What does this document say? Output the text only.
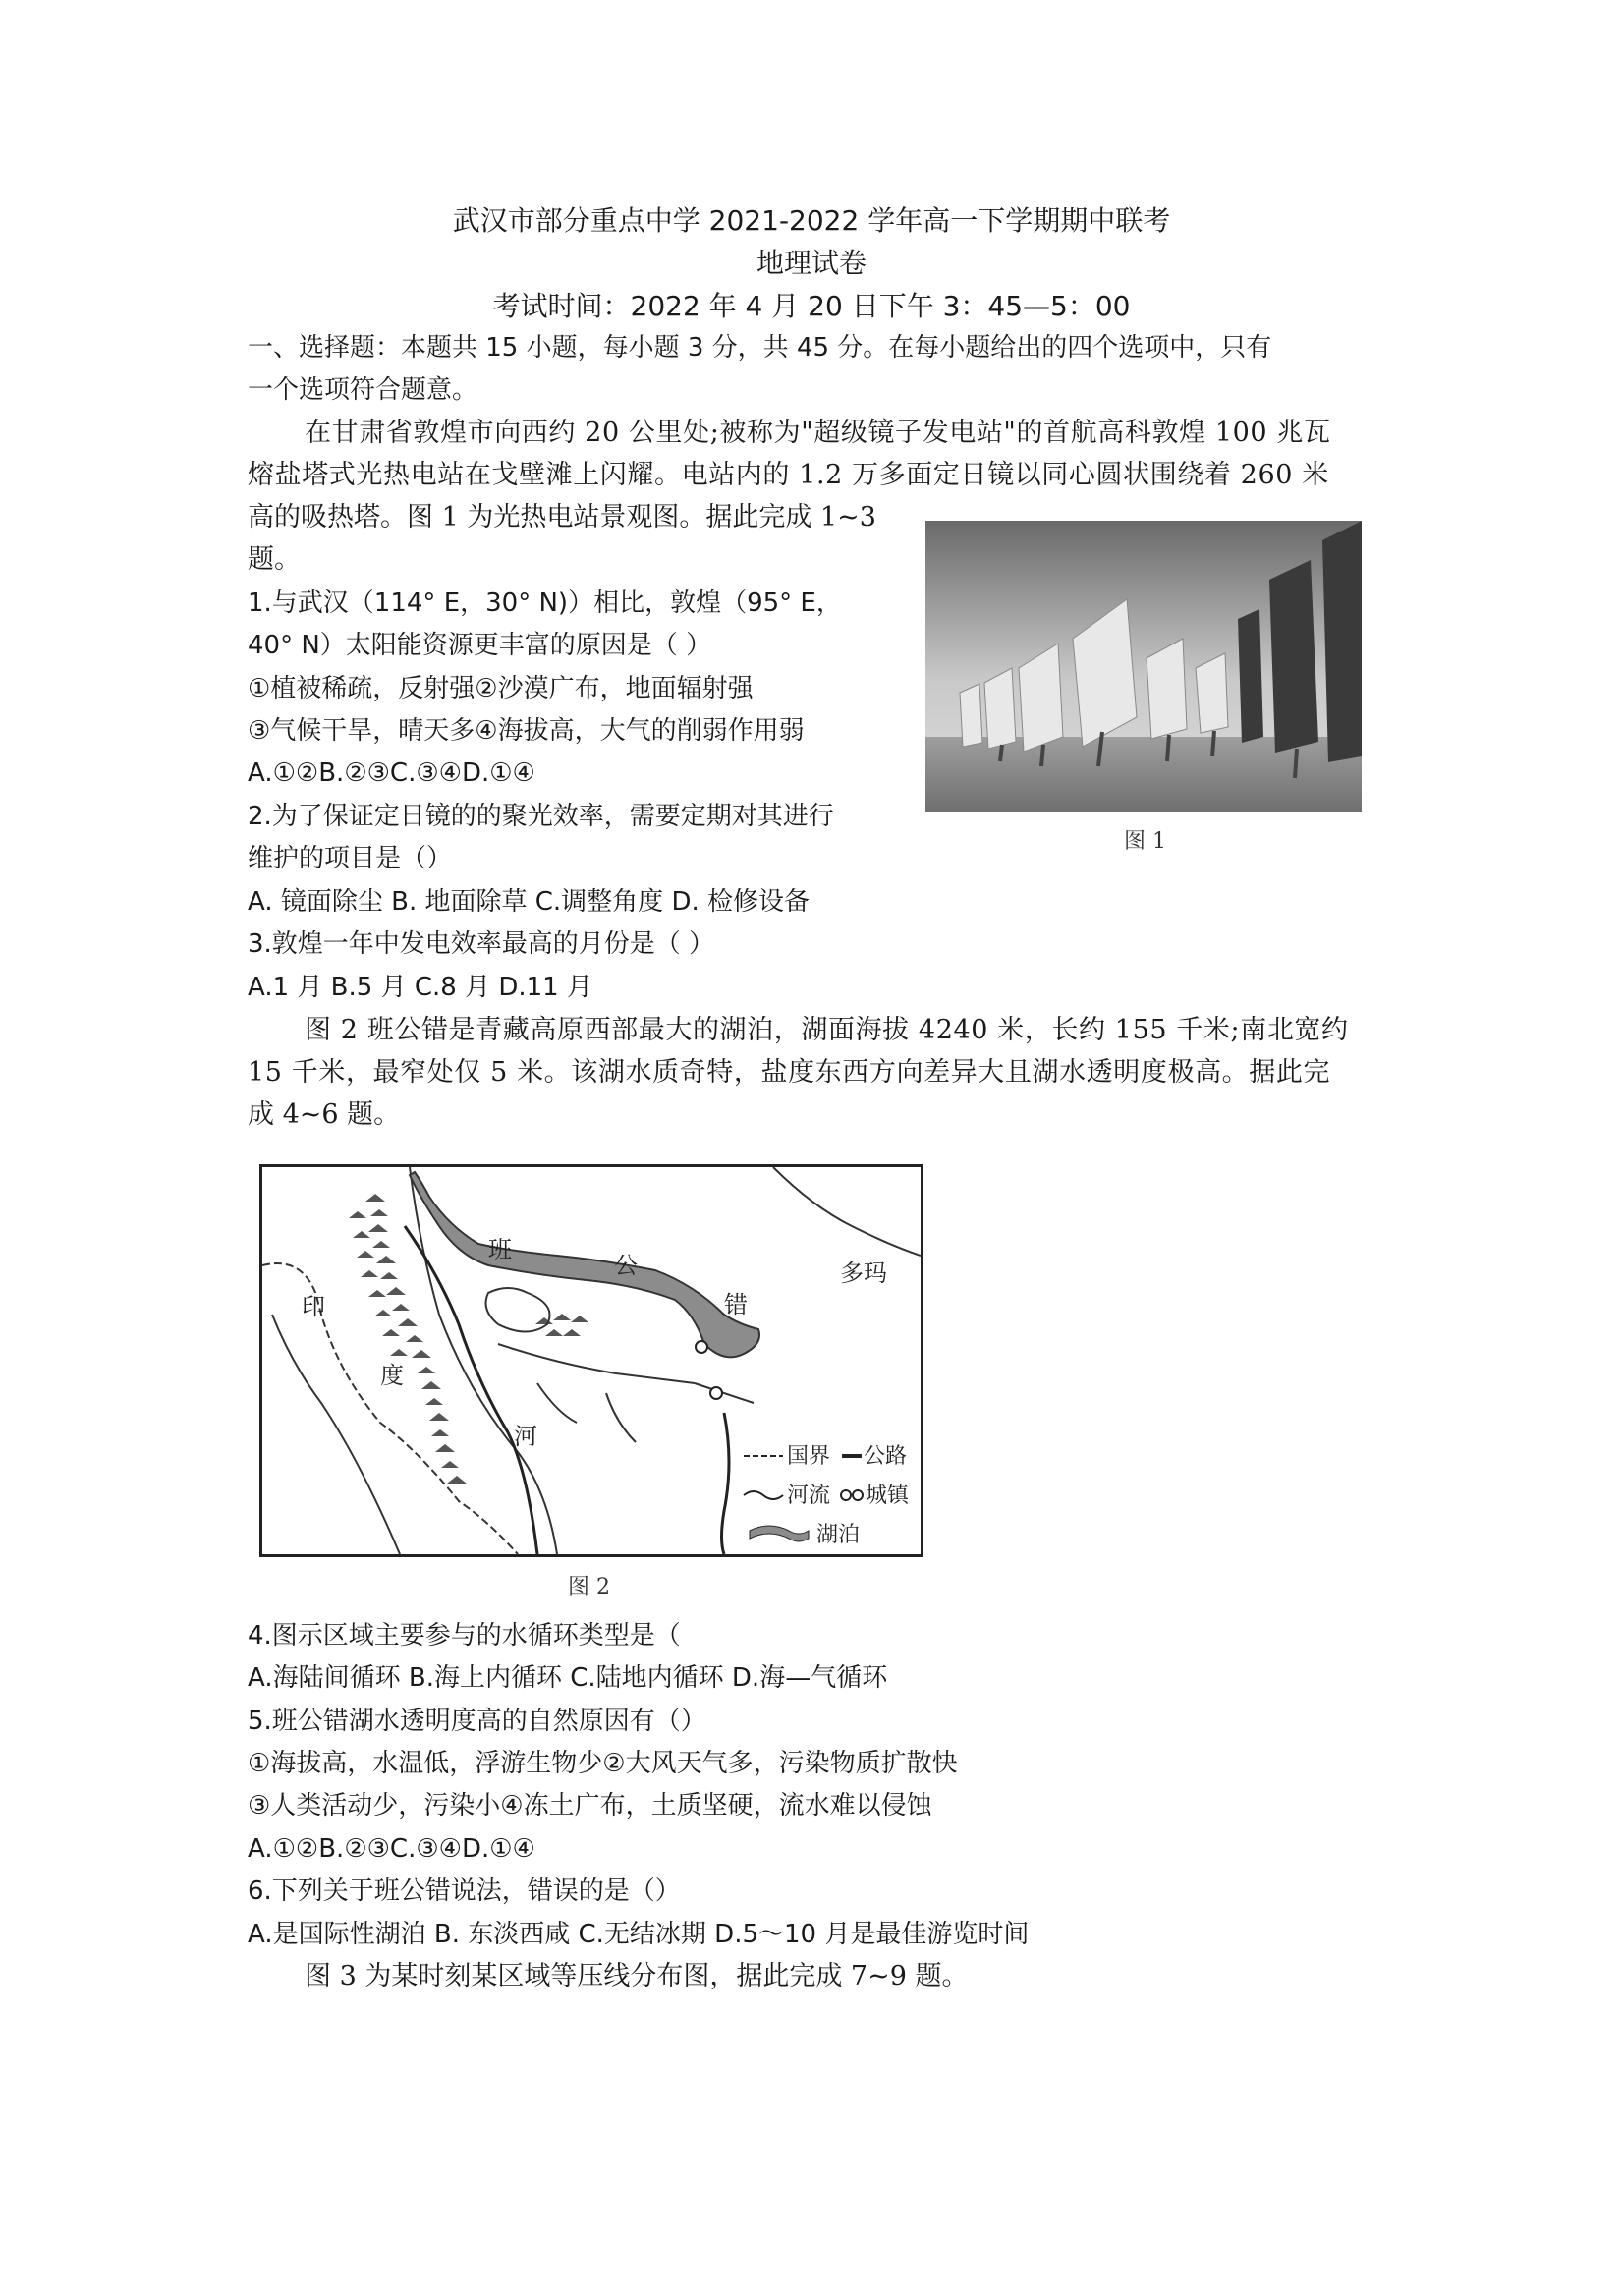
武汉市部分重点中学 2021-2022 学年高一下学期期中联考
地理试卷
考试时间：2022 年 4 月 20 日下午 3：45—5：00
一、选择题：本题共 15 小题，每小题 3 分，共 45 分。在每小题给出的四个选项中，只有
一个选项符合题意。
在甘肃省敦煌市向西约 20 公里处;被称为"超级镜子发电站"的首航高科敦煌 100 兆瓦
熔盐塔式光热电站在戈壁滩上闪耀。电站内的 1.2 万多面定日镜以同心圆状围绕着 260 米
高的吸热塔。图 1 为光热电站景观图。据此完成 1~3
题。
图 1
1.与武汉（114° E，30° N)）相比，敦煌（95° E，
40° N）太阳能资源更丰富的原因是（ ）
①植被稀疏，反射强②沙漠广布，地面辐射强
③气候干旱，晴天多④海拔高，大气的削弱作用弱
A.①②B.②③C.③④D.①④
2.为了保证定日镜的的聚光效率，需要定期对其进行
维护的项目是（）
A. 镜面除尘 B. 地面除草 C.调整角度 D. 检修设备
3.敦煌一年中发电效率最高的月份是（ ）
A.1 月 B.5 月 C.8 月 D.11 月
图 2 班公错是青藏高原西部最大的湖泊，湖面海拔 4240 米，长约 155 千米;南北宽约
15 千米，最窄处仅 5 米。该湖水质奇特，盐度东西方向差异大且湖水透明度极高。据此完
成 4~6 题。
班
公
错
多玛
印
度
河
国界 公路
河流 城镇
湖泊
图 2
4.图示区域主要参与的水循环类型是（
A.海陆间循环 B.海上内循环 C.陆地内循环 D.海—气循环
5.班公错湖水透明度高的自然原因有（）
①海拔高，水温低，浮游生物少②大风天气多，污染物质扩散快
③人类活动少，污染小④冻土广布，土质坚硬，流水难以侵蚀
A.①②B.②③C.③④D.①④
6.下列关于班公错说法，错误的是（）
A.是国际性湖泊 B. 东淡西咸 C.无结冰期 D.5～10 月是最佳游览时间
图 3 为某时刻某区域等压线分布图，据此完成 7~9 题。
